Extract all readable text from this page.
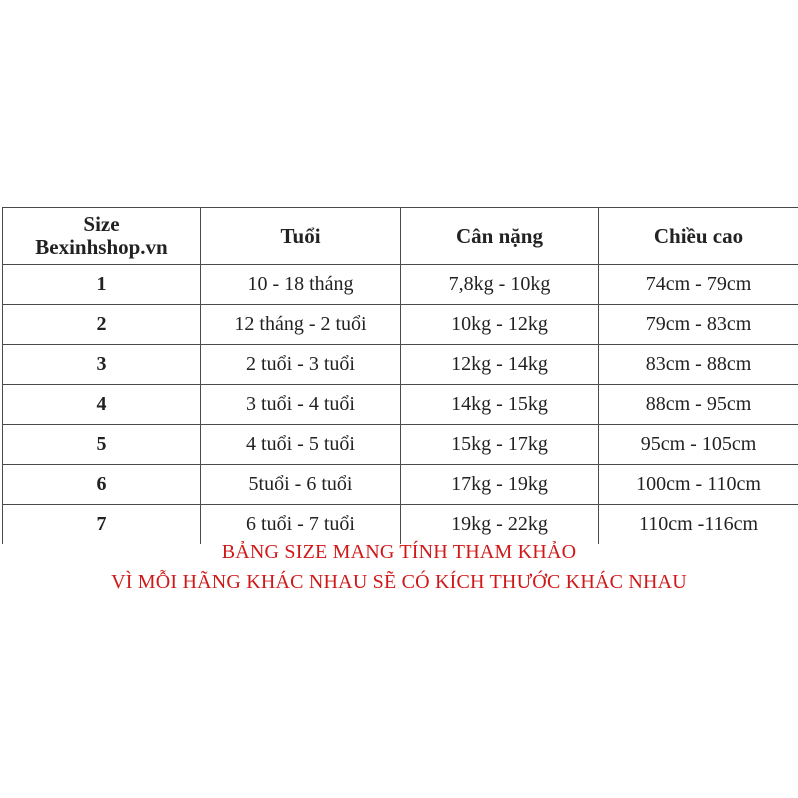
Size
Bexinhshop.vn	Tuổi	Cân nặng	Chiều cao
1	10 - 18 tháng	7,8kg - 10kg	74cm - 79cm
2	12 tháng - 2 tuổi	10kg - 12kg	79cm - 83cm
3	2 tuổi - 3 tuổi	12kg - 14kg	83cm - 88cm
4	3 tuổi - 4 tuổi	14kg - 15kg	88cm - 95cm
5	4 tuổi - 5 tuổi	15kg - 17kg	95cm - 105cm
6	5tuổi - 6 tuổi	17kg - 19kg	100cm - 110cm
7	6 tuổi - 7 tuổi	19kg - 22kg	110cm -116cm
BẢNG SIZE MANG TÍNH THAM KHẢO
VÌ MỖI HÃNG KHÁC NHAU SẼ CÓ KÍCH THƯỚC KHÁC NHAU
